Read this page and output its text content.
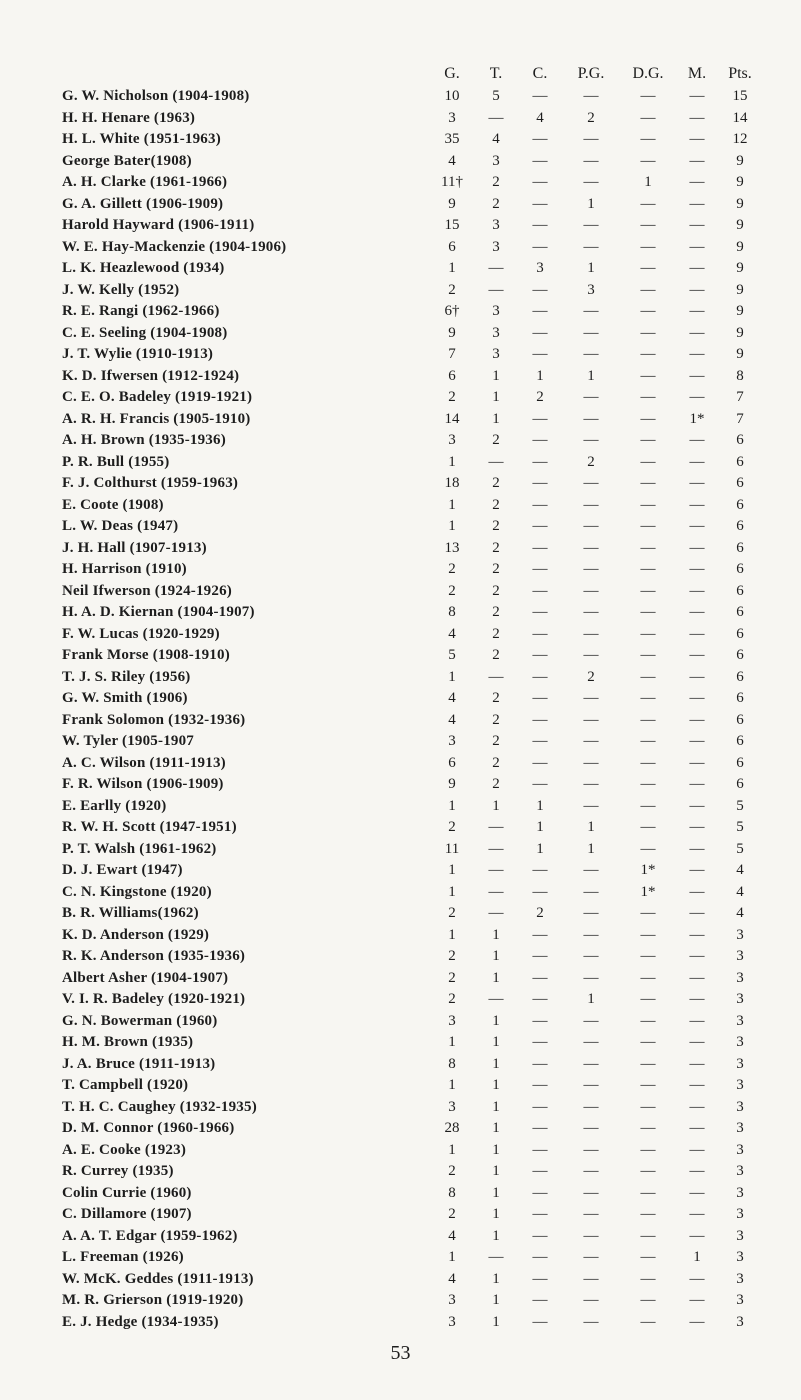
	G.	T.	C.	P.G.	D.G.	M.	Pts.
G. W. Nicholson (1904-1908)	10	5	—	—	—	—	15
H. H. Henare (1963)	3	—	4	2	—	—	14
H. L. White (1951-1963)	35	4	—	—	—	—	12
George Bater(1908)	4	3	—	—	—	—	9
A. H. Clarke (1961-1966)	11†	2	—	—	1	—	9
G. A. Gillett (1906-1909)	9	2	—	1	—	—	9
Harold Hayward (1906-1911)	15	3	—	—	—	—	9
W. E. Hay-Mackenzie (1904-1906)	6	3	—	—	—	—	9
L. K. Heazlewood (1934)	1	—	3	1	—	—	9
J. W. Kelly (1952)	2	—	—	3	—	—	9
R. E. Rangi (1962-1966)	6†	3	—	—	—	—	9
C. E. Seeling (1904-1908)	9	3	—	—	—	—	9
J. T. Wylie (1910-1913)	7	3	—	—	—	—	9
K. D. Ifwersen (1912-1924)	6	1	1	1	—	—	8
C. E. O. Badeley (1919-1921)	2	1	2	—	—	—	7
A. R. H. Francis (1905-1910)	14	1	—	—	—	1*	7
A. H. Brown (1935-1936)	3	2	—	—	—	—	6
P. R. Bull (1955)	1	—	—	2	—	—	6
F. J. Colthurst (1959-1963)	18	2	—	—	—	—	6
E. Coote (1908)	1	2	—	—	—	—	6
L. W. Deas (1947)	1	2	—	—	—	—	6
J. H. Hall (1907-1913)	13	2	—	—	—	—	6
H. Harrison (1910)	2	2	—	—	—	—	6
Neil Ifwerson (1924-1926)	2	2	—	—	—	—	6
H. A. D. Kiernan (1904-1907)	8	2	—	—	—	—	6
F. W. Lucas (1920-1929)	4	2	—	—	—	—	6
Frank Morse (1908-1910)	5	2	—	—	—	—	6
T. J. S. Riley (1956)	1	—	—	2	—	—	6
G. W. Smith (1906)	4	2	—	—	—	—	6
Frank Solomon (1932-1936)	4	2	—	—	—	—	6
W. Tyler (1905-1907	3	2	—	—	—	—	6
A. C. Wilson (1911-1913)	6	2	—	—	—	—	6
F. R. Wilson (1906-1909)	9	2	—	—	—	—	6
E. Earlly (1920)	1	1	1	—	—	—	5
R. W. H. Scott (1947-1951)	2	—	1	1	—	—	5
P. T. Walsh (1961-1962)	11	—	1	1	—	—	5
D. J. Ewart (1947)	1	—	—	—	1*	—	4
C. N. Kingstone (1920)	1	—	—	—	1*	—	4
B. R. Williams(1962)	2	—	2	—	—	—	4
K. D. Anderson (1929)	1	1	—	—	—	—	3
R. K. Anderson (1935-1936)	2	1	—	—	—	—	3
Albert Asher (1904-1907)	2	1	—	—	—	—	3
V. I. R. Badeley (1920-1921)	2	—	—	1	—	—	3
G. N. Bowerman (1960)	3	1	—	—	—	—	3
H. M. Brown (1935)	1	1	—	—	—	—	3
J. A. Bruce (1911-1913)	8	1	—	—	—	—	3
T. Campbell (1920)	1	1	—	—	—	—	3
T. H. C. Caughey (1932-1935)	3	1	—	—	—	—	3
D. M. Connor (1960-1966)	28	1	—	—	—	—	3
A. E. Cooke (1923)	1	1	—	—	—	—	3
R. Currey (1935)	2	1	—	—	—	—	3
Colin Currie (1960)	8	1	—	—	—	—	3
C. Dillamore (1907)	2	1	—	—	—	—	3
A. A. T. Edgar (1959-1962)	4	1	—	—	—	—	3
L. Freeman (1926)	1	—	—	—	—	1	3
W. McK. Geddes (1911-1913)	4	1	—	—	—	—	3
M. R. Grierson (1919-1920)	3	1	—	—	—	—	3
E. J. Hedge (1934-1935)	3	1	—	—	—	—	3
53
